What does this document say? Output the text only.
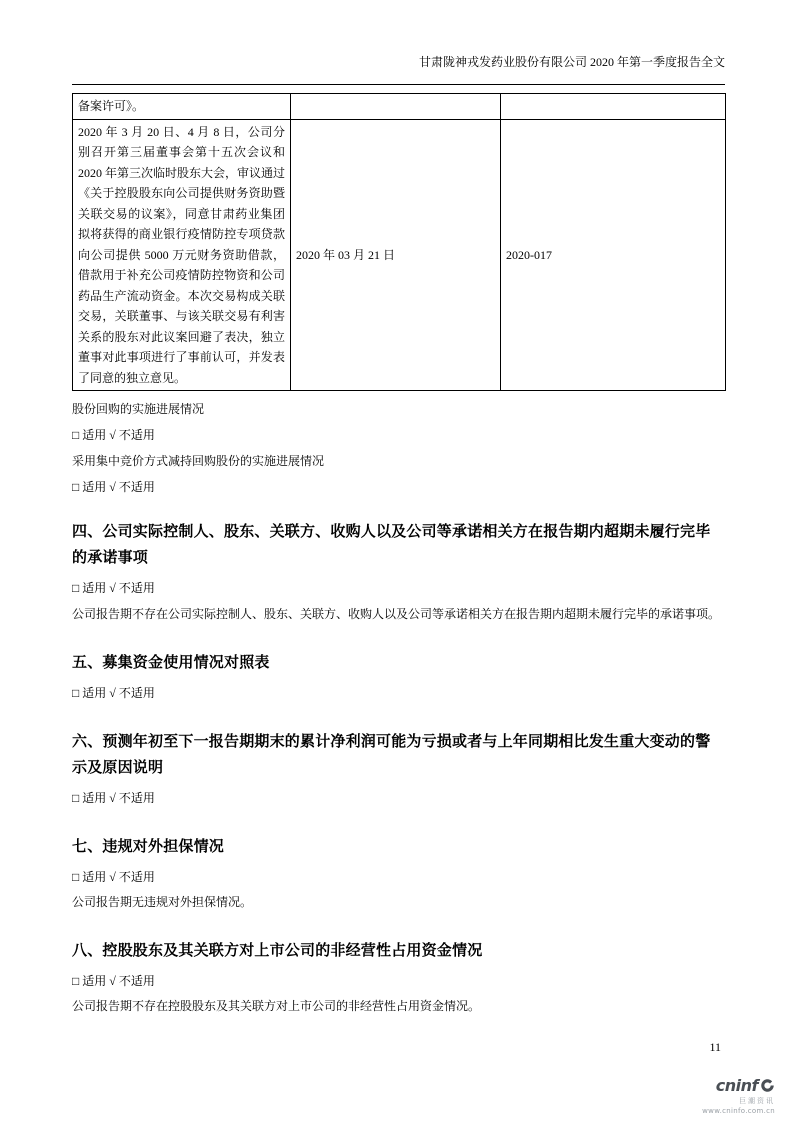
甘肃陇神戎发药业股份有限公司 2020 年第一季度报告全文
备案许可》。		
2020 年 3 月 20 日、4 月 8 日，公司分别召开第三届董事会第十五次会议和 2020 年第三次临时股东大会，审议通过《关于控股股东向公司提供财务资助暨关联交易的议案》，同意甘肃药业集团拟将获得的商业银行疫情防控专项贷款向公司提供 5000 万元财务资助借款，借款用于补充公司疫情防控物资和公司药品生产流动资金。本次交易构成关联交易，关联董事、与该关联交易有利害关系的股东对此议案回避了表决，独立董事对此事项进行了事前认可，并发表了同意的独立意见。	2020 年 03 月 21 日	2020-017

股份回购的实施进展情况

□ 适用 √ 不适用

采用集中竞价方式减持回购股份的实施进展情况

□ 适用 √ 不适用

四、公司实际控制人、股东、关联方、收购人以及公司等承诺相关方在报告期内超期未履行完毕的承诺事项

□ 适用 √ 不适用

公司报告期不存在公司实际控制人、股东、关联方、收购人以及公司等承诺相关方在报告期内超期未履行完毕的承诺事项。

五、募集资金使用情况对照表

□ 适用 √ 不适用

六、预测年初至下一报告期期末的累计净利润可能为亏损或者与上年同期相比发生重大变动的警示及原因说明

□ 适用 √ 不适用

七、违规对外担保情况

□ 适用 √ 不适用

公司报告期无违规对外担保情况。

八、控股股东及其关联方对上市公司的非经营性占用资金情况

□ 适用 √ 不适用

公司报告期不存在控股股东及其关联方对上市公司的非经营性占用资金情况。

11
cninf
巨潮资讯
www.cninfo.com.cn
